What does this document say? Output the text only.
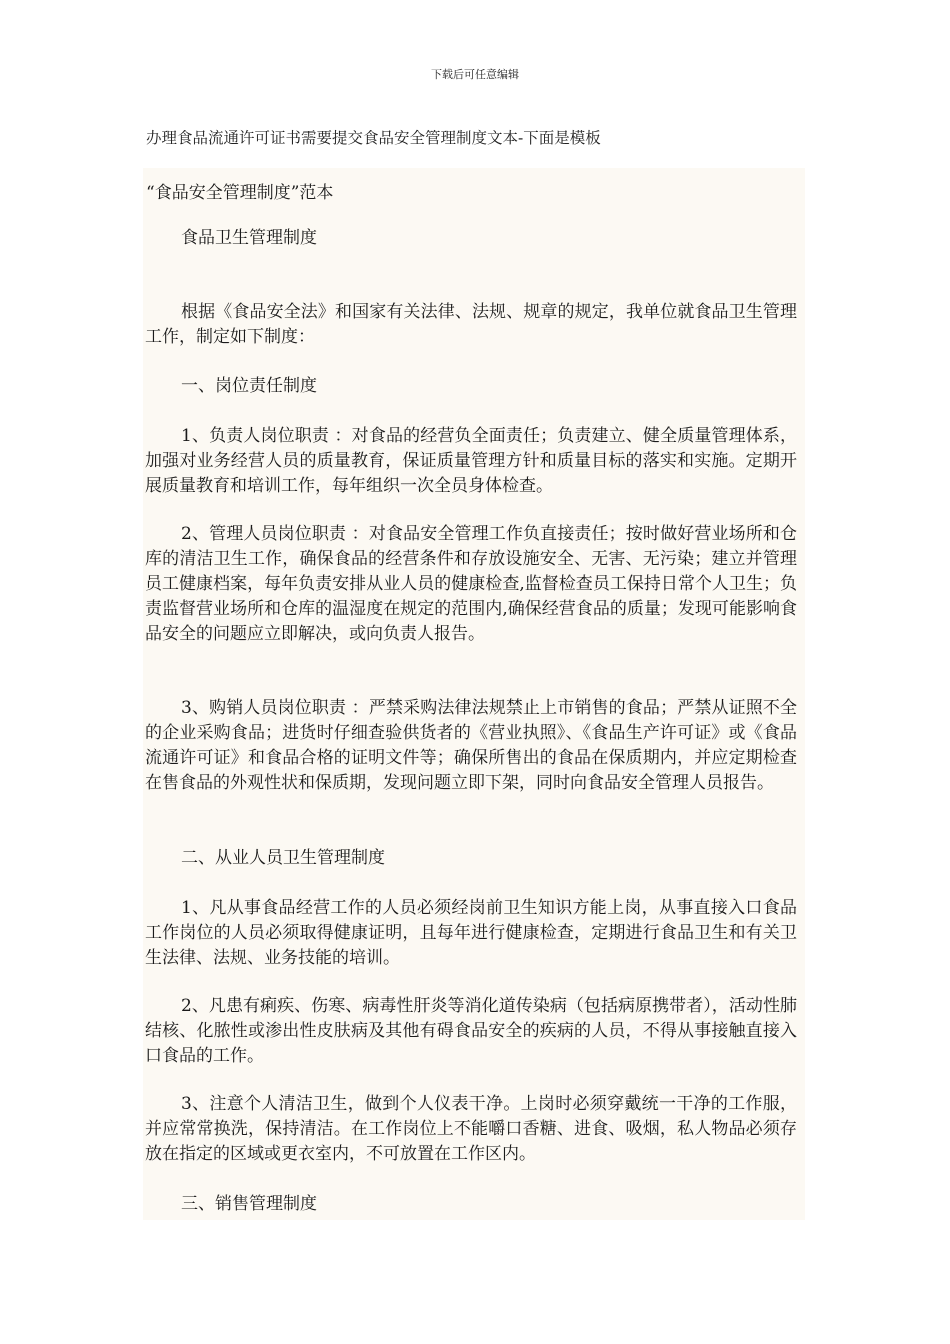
下载后可任意编辑
办理食品流通许可证书需要提交食品安全管理制度文本-下面是模板
“食品安全管理制度”范本

食品卫生管理制度

根据《食品安全法》和国家有关法律、法规、规章的规定，我单位就食品卫生管理工作，制定如下制度：

一、岗位责任制度

1、负责人岗位职责 ：对食品的经营负全面责任；负责建立、健全质量管理体系，加强对业务经营人员的质量教育，保证质量管理方针和质量目标的落实和实施。定期开展质量教育和培训工作，每年组织一次全员身体检查。

2、管理人员岗位职责 ：对食品安全管理工作负直接责任；按时做好营业场所和仓库的清洁卫生工作，确保食品的经营条件和存放设施安全、无害、无污染；建立并管理员工健康档案，每年负责安排从业人员的健康检查,监督检查员工保持日常个人卫生；负责监督营业场所和仓库的温湿度在规定的范围内,确保经营食品的质量；发现可能影响食品安全的问题应立即解决，或向负责人报告。

3、购销人员岗位职责 ：严禁采购法律法规禁止上市销售的食品；严禁从证照不全的企业采购食品；进货时仔细查验供货者的《营业执照》、《食品生产许可证》或《食品流通许可证》和食品合格的证明文件等；确保所售出的食品在保质期内，并应定期检查在售食品的外观性状和保质期，发现问题立即下架，同时向食品安全管理人员报告。

二、从业人员卫生管理制度

1、凡从事食品经营工作的人员必须经岗前卫生知识方能上岗，从事直接入口食品工作岗位的人员必须取得健康证明，且每年进行健康检查，定期进行食品卫生和有关卫生法律、法规、业务技能的培训。

2、凡患有痢疾、伤寒、病毒性肝炎等消化道传染病（包括病原携带者），活动性肺结核、化脓性或渗出性皮肤病及其他有碍食品安全的疾病的人员，不得从事接触直接入口食品的工作。

3、注意个人清洁卫生，做到个人仪表干净。上岗时必须穿戴统一干净的工作服，并应常常换洗，保持清洁。在工作岗位上不能嚼口香糖、进食、吸烟，私人物品必须存放在指定的区域或更衣室内，不可放置在工作区内。

三、销售管理制度
